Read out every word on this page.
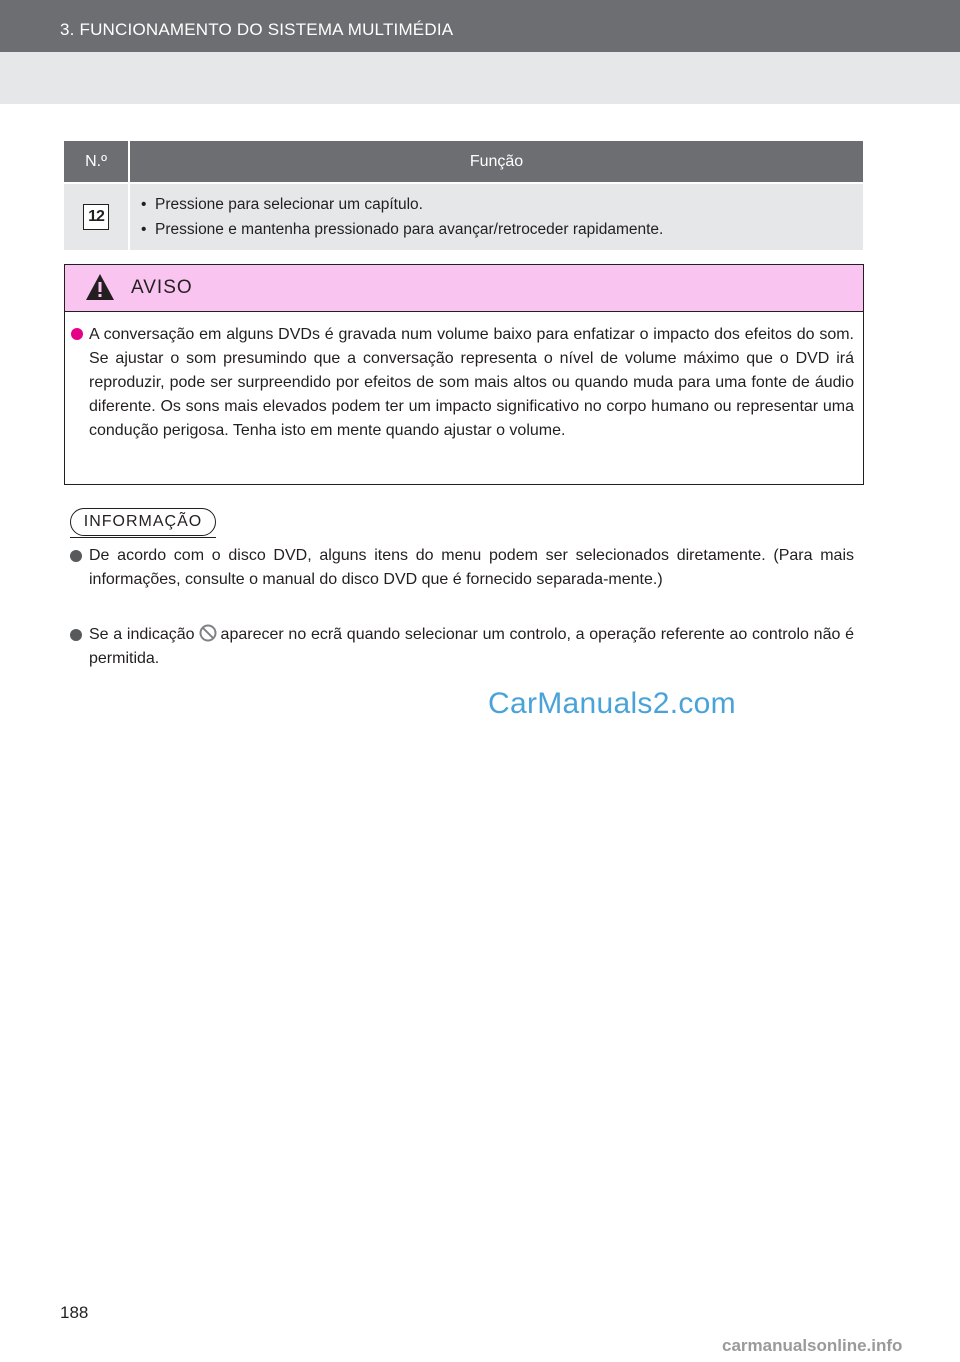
3. FUNCIONAMENTO DO SISTEMA MULTIMÉDIA
N.º	Função
12	• Pressione para selecionar um capítulo.
• Pressione e mantenha pressionado para avançar/retroceder rapidamente.
AVISO
A conversação em alguns DVDs é gravada num volume baixo para enfatizar o impacto dos efeitos do som. Se ajustar o som presumindo que a conversação representa o nível de volume máximo que o DVD irá reproduzir, pode ser surpreendido por efeitos de som mais altos ou quando muda para uma fonte de áudio diferente. Os sons mais elevados podem ter um impacto significativo no corpo humano ou representar uma condução perigosa. Tenha isto em mente quando ajustar o volume.
INFORMAÇÃO
De acordo com o disco DVD, alguns itens do menu podem ser selecionados diretamente. (Para mais informações, consulte o manual do disco DVD que é fornecido separada-mente.)
Se a indicação aparecer no ecrã quando selecionar um controlo, a operação referente ao controlo não é permitida.
CarManuals2.com
188
carmanualsonline.info
